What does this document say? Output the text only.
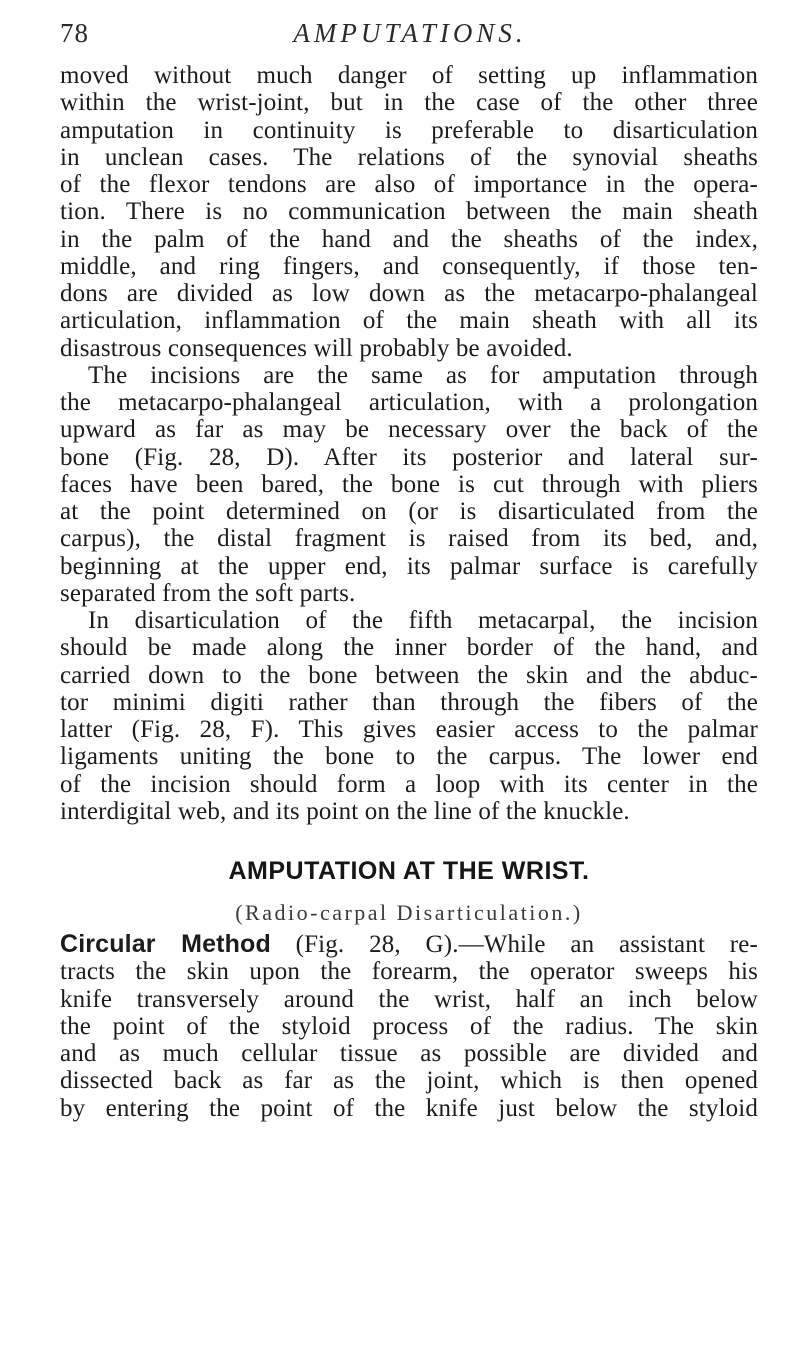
78	AMPUTATIONS.
moved without much danger of setting up inflammation
within the wrist-joint, but in the case of the other three
amputation in continuity is preferable to disarticulation
in unclean cases. The relations of the synovial sheaths
of the flexor tendons are also of importance in the opera-
tion. There is no communication between the main sheath
in the palm of the hand and the sheaths of the index,
middle, and ring fingers, and consequently, if those ten-
dons are divided as low down as the metacarpo-phalangeal
articulation, inflammation of the main sheath with all its
disastrous consequences will probably be avoided.
The incisions are the same as for amputation through
the metacarpo-phalangeal articulation, with a prolongation
upward as far as may be necessary over the back of the
bone (Fig. 28, D). After its posterior and lateral sur-
faces have been bared, the bone is cut through with pliers
at the point determined on (or is disarticulated from the
carpus), the distal fragment is raised from its bed, and,
beginning at the upper end, its palmar surface is carefully
separated from the soft parts.
In disarticulation of the fifth metacarpal, the incision
should be made along the inner border of the hand, and
carried down to the bone between the skin and the abduc-
tor minimi digiti rather than through the fibers of the
latter (Fig. 28, F). This gives easier access to the palmar
ligaments uniting the bone to the carpus. The lower end
of the incision should form a loop with its center in the
interdigital web, and its point on the line of the knuckle.
AMPUTATION AT THE WRIST.
(Radio-carpal Disarticulation.)
Circular Method (Fig. 28, G).—While an assistant re-
tracts the skin upon the forearm, the operator sweeps his
knife transversely around the wrist, half an inch below
the point of the styloid process of the radius. The skin
and as much cellular tissue as possible are divided and
dissected back as far as the joint, which is then opened
by entering the point of the knife just below the styloid
